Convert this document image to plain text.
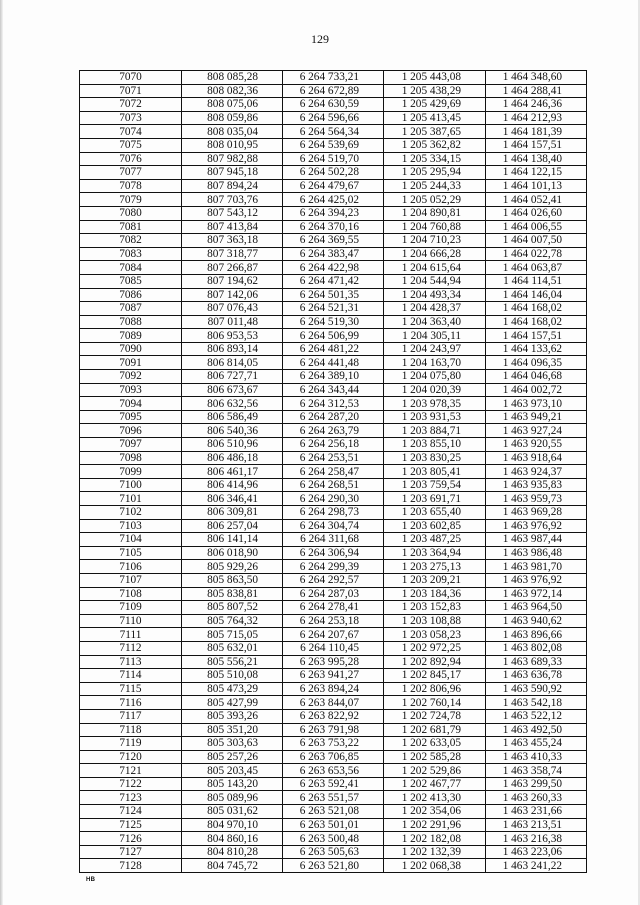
129
7070	808 085,28	6 264 733,21	1 205 443,08	1 464 348,60
7071	808 082,36	6 264 672,89	1 205 438,29	1 464 288,41
7072	808 075,06	6 264 630,59	1 205 429,69	1 464 246,36
7073	808 059,86	6 264 596,66	1 205 413,45	1 464 212,93
7074	808 035,04	6 264 564,34	1 205 387,65	1 464 181,39
7075	808 010,95	6 264 539,69	1 205 362,82	1 464 157,51
7076	807 982,88	6 264 519,70	1 205 334,15	1 464 138,40
7077	807 945,18	6 264 502,28	1 205 295,94	1 464 122,15
7078	807 894,24	6 264 479,67	1 205 244,33	1 464 101,13
7079	807 703,76	6 264 425,02	1 205 052,29	1 464 052,41
7080	807 543,12	6 264 394,23	1 204 890,81	1 464 026,60
7081	807 413,84	6 264 370,16	1 204 760,88	1 464 006,55
7082	807 363,18	6 264 369,55	1 204 710,23	1 464 007,50
7083	807 318,77	6 264 383,47	1 204 666,28	1 464 022,78
7084	807 266,87	6 264 422,98	1 204 615,64	1 464 063,87
7085	807 194,62	6 264 471,42	1 204 544,94	1 464 114,51
7086	807 142,06	6 264 501,35	1 204 493,34	1 464 146,04
7087	807 076,43	6 264 521,31	1 204 428,37	1 464 168,02
7088	807 011,48	6 264 519,30	1 204 363,40	1 464 168,02
7089	806 953,53	6 264 506,99	1 204 305,11	1 464 157,51
7090	806 893,14	6 264 481,22	1 204 243,97	1 464 133,62
7091	806 814,05	6 264 441,48	1 204 163,70	1 464 096,35
7092	806 727,71	6 264 389,10	1 204 075,80	1 464 046,68
7093	806 673,67	6 264 343,44	1 204 020,39	1 464 002,72
7094	806 632,56	6 264 312,53	1 203 978,35	1 463 973,10
7095	806 586,49	6 264 287,20	1 203 931,53	1 463 949,21
7096	806 540,36	6 264 263,79	1 203 884,71	1 463 927,24
7097	806 510,96	6 264 256,18	1 203 855,10	1 463 920,55
7098	806 486,18	6 264 253,51	1 203 830,25	1 463 918,64
7099	806 461,17	6 264 258,47	1 203 805,41	1 463 924,37
7100	806 414,96	6 264 268,51	1 203 759,54	1 463 935,83
7101	806 346,41	6 264 290,30	1 203 691,71	1 463 959,73
7102	806 309,81	6 264 298,73	1 203 655,40	1 463 969,28
7103	806 257,04	6 264 304,74	1 203 602,85	1 463 976,92
7104	806 141,14	6 264 311,68	1 203 487,25	1 463 987,44
7105	806 018,90	6 264 306,94	1 203 364,94	1 463 986,48
7106	805 929,26	6 264 299,39	1 203 275,13	1 463 981,70
7107	805 863,50	6 264 292,57	1 203 209,21	1 463 976,92
7108	805 838,81	6 264 287,03	1 203 184,36	1 463 972,14
7109	805 807,52	6 264 278,41	1 203 152,83	1 463 964,50
7110	805 764,32	6 264 253,18	1 203 108,88	1 463 940,62
7111	805 715,05	6 264 207,67	1 203 058,23	1 463 896,66
7112	805 632,01	6 264 110,45	1 202 972,25	1 463 802,08
7113	805 556,21	6 263 995,28	1 202 892,94	1 463 689,33
7114	805 510,08	6 263 941,27	1 202 845,17	1 463 636,78
7115	805 473,29	6 263 894,24	1 202 806,96	1 463 590,92
7116	805 427,99	6 263 844,07	1 202 760,14	1 463 542,18
7117	805 393,26	6 263 822,92	1 202 724,78	1 463 522,12
7118	805 351,20	6 263 791,98	1 202 681,79	1 463 492,50
7119	805 303,63	6 263 753,22	1 202 633,05	1 463 455,24
7120	805 257,26	6 263 706,85	1 202 585,28	1 463 410,33
7121	805 203,45	6 263 653,56	1 202 529,86	1 463 358,74
7122	805 143,20	6 263 592,41	1 202 467,77	1 463 299,50
7123	805 089,96	6 263 551,57	1 202 413,30	1 463 260,33
7124	805 031,62	6 263 521,08	1 202 354,06	1 463 231,66
7125	804 970,10	6 263 501,01	1 202 291,96	1 463 213,51
7126	804 860,16	6 263 500,48	1 202 182,08	1 463 216,38
7127	804 810,28	6 263 505,63	1 202 132,39	1 463 223,06
7128	804 745,72	6 263 521,80	1 202 068,38	1 463 241,22
НВ
